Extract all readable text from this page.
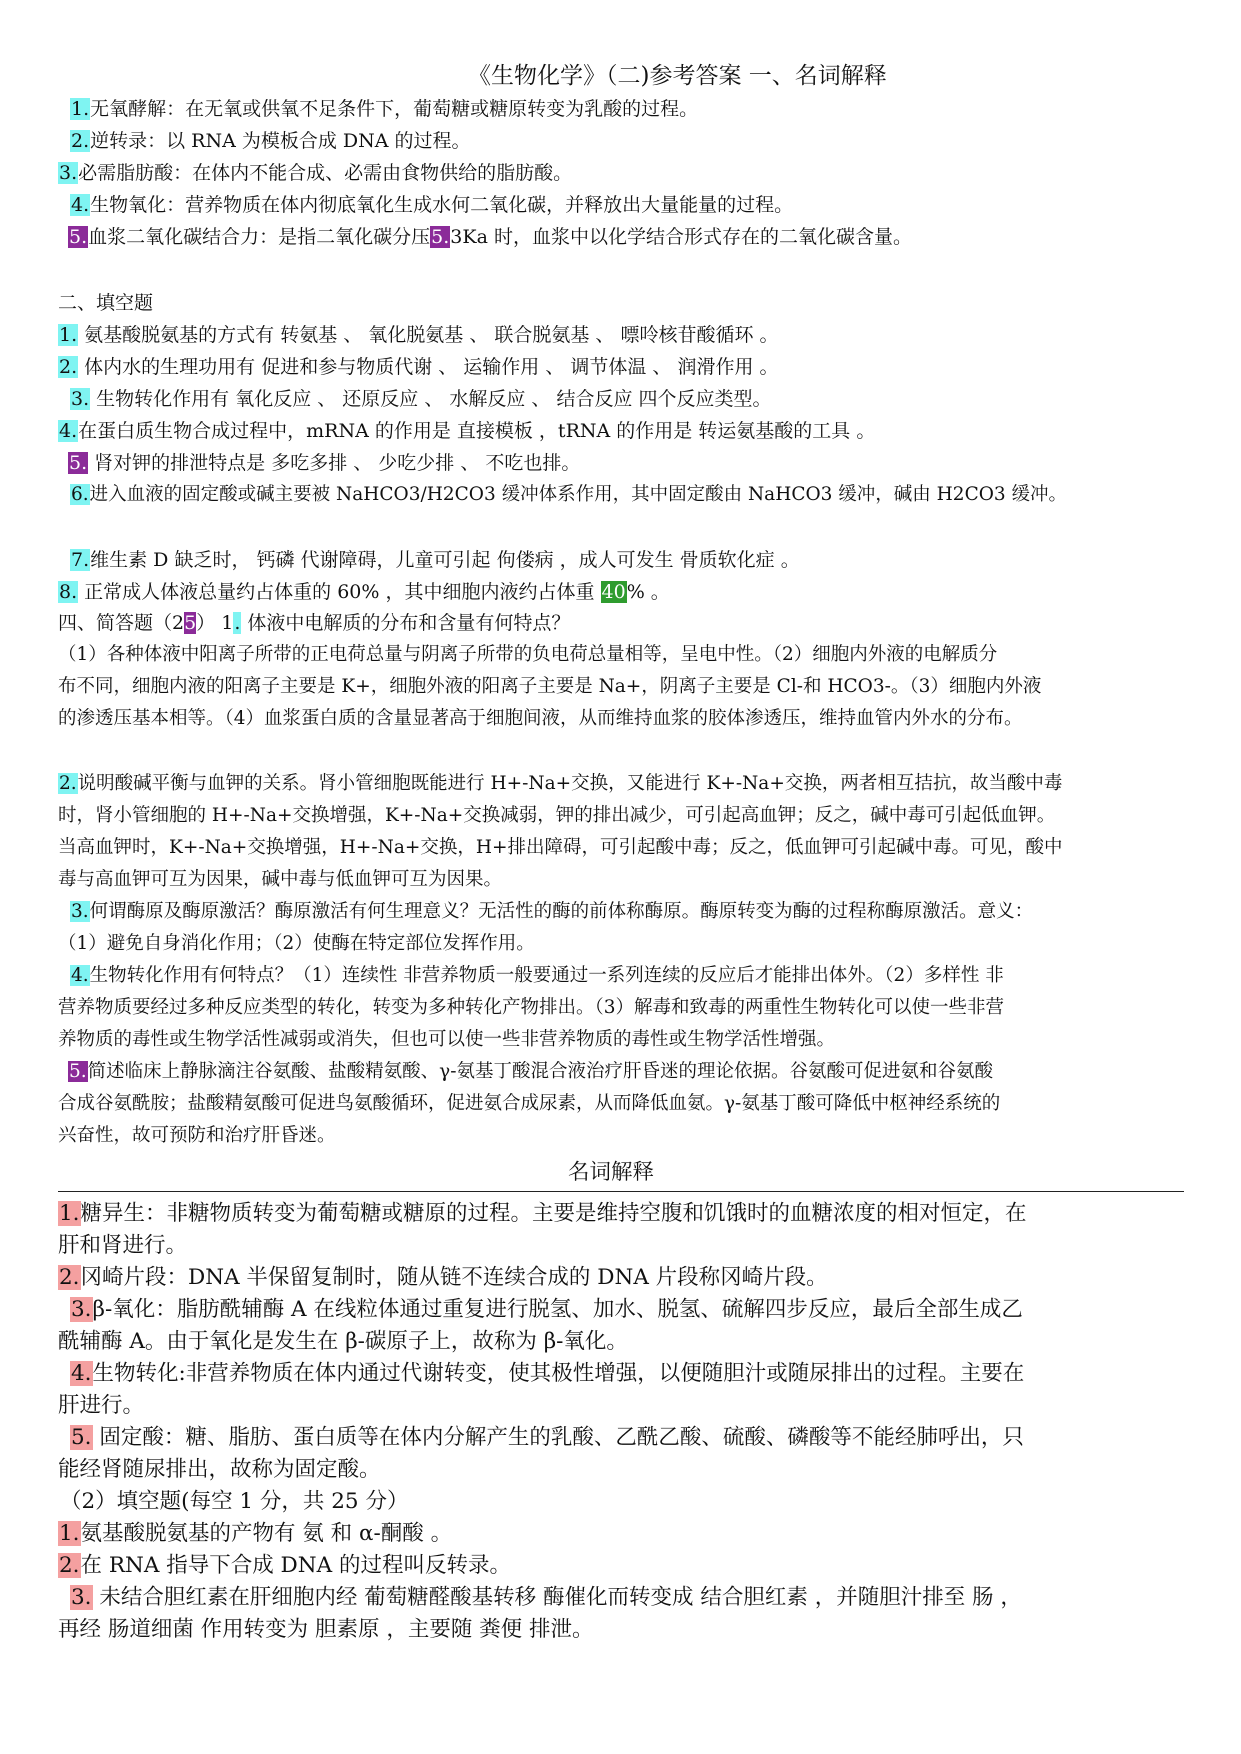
《生物化学》（二)参考答案 一、名词解释
1.无氧酵解：在无氧或供氧不足条件下，葡萄糖或糖原转变为乳酸的过程。
2.逆转录：以 RNA 为模板合成 DNA 的过程。
3.必需脂肪酸：在体内不能合成、必需由食物供给的脂肪酸。
4.生物氧化：营养物质在体内彻底氧化生成水何二氧化碳，并释放出大量能量的过程。
5.血浆二氧化碳结合力：是指二氧化碳分压5.3Ka 时，血浆中以化学结合形式存在的二氧化碳含量。
二、填空题
1. 氨基酸脱氨基的方式有 转氨基 、 氧化脱氨基 、 联合脱氨基 、 嘌呤核苷酸循环 。
2. 体内水的生理功用有 促进和参与物质代谢 、 运输作用 、 调节体温 、 润滑作用 。
3. 生物转化作用有 氧化反应 、 还原反应 、 水解反应 、 结合反应 四个反应类型。
4.在蛋白质生物合成过程中，mRNA 的作用是 直接模板 ，tRNA 的作用是 转运氨基酸的工具 。
5. 肾对钾的排泄特点是 多吃多排 、 少吃少排 、 不吃也排。
6.进入血液的固定酸或碱主要被 NaHCO3/H2CO3 缓冲体系作用，其中固定酸由 NaHCO3 缓冲，碱由 H2CO3 缓冲。
7.维生素 D 缺乏时， 钙磷 代谢障碍，儿童可引起 佝偻病 ，成人可发生 骨质软化症 。
8. 正常成人体液总量约占体重的 60% ，其中细胞内液约占体重 40% 。
四、简答题（25） 1. 体液中电解质的分布和含量有何特点？
（1）各种体液中阳离子所带的正电荷总量与阴离子所带的负电荷总量相等，呈电中性。（2）细胞内外液的电解质分
布不同，细胞内液的阳离子主要是 K+，细胞外液的阳离子主要是 Na+，阴离子主要是 Cl-和 HCO3-。（3）细胞内外液
的渗透压基本相等。（4）血浆蛋白质的含量显著高于细胞间液，从而维持血浆的胶体渗透压，维持血管内外水的分布。
2.说明酸碱平衡与血钾的关系。肾小管细胞既能进行 H+-Na+交换，又能进行 K+-Na+交换，两者相互拮抗，故当酸中毒
时，肾小管细胞的 H+-Na+交换增强，K+-Na+交换减弱，钾的排出减少，可引起高血钾；反之，碱中毒可引起低血钾。
当高血钾时，K+-Na+交换增强，H+-Na+交换，H+排出障碍，可引起酸中毒；反之，低血钾可引起碱中毒。可见，酸中
毒与高血钾可互为因果，碱中毒与低血钾可互为因果。
3.何谓酶原及酶原激活？酶原激活有何生理意义？无活性的酶的前体称酶原。酶原转变为酶的过程称酶原激活。意义：
（1）避免自身消化作用；（2）使酶在特定部位发挥作用。
4.生物转化作用有何特点？（1）连续性 非营养物质一般要通过一系列连续的反应后才能排出体外。（2）多样性 非
营养物质要经过多种反应类型的转化，转变为多种转化产物排出。（3）解毒和致毒的两重性生物转化可以使一些非营
养物质的毒性或生物学活性减弱或消失，但也可以使一些非营养物质的毒性或生物学活性增强。
5.简述临床上静脉滴注谷氨酸、盐酸精氨酸、γ-氨基丁酸混合液治疗肝昏迷的理论依据。谷氨酸可促进氨和谷氨酸
合成谷氨酰胺；盐酸精氨酸可促进鸟氨酸循环，促进氨合成尿素，从而降低血氨。γ-氨基丁酸可降低中枢神经系统的
兴奋性，故可预防和治疗肝昏迷。
名词解释
1.糖异生：非糖物质转变为葡萄糖或糖原的过程。主要是维持空腹和饥饿时的血糖浓度的相对恒定，在
肝和肾进行。
2.冈崎片段：DNA 半保留复制时，随从链不连续合成的 DNA 片段称冈崎片段。
3.β-氧化：脂肪酰辅酶 A 在线粒体通过重复进行脱氢、加水、脱氢、硫解四步反应，最后全部生成乙
酰辅酶 A。由于氧化是发生在 β-碳原子上，故称为 β-氧化。
4.生物转化:非营养物质在体内通过代谢转变，使其极性增强，以便随胆汁或随尿排出的过程。主要在
肝进行。
5. 固定酸：糖、脂肪、蛋白质等在体内分解产生的乳酸、乙酰乙酸、硫酸、磷酸等不能经肺呼出，只
能经肾随尿排出，故称为固定酸。
（2）填空题(每空 1 分，共 25 分）
1.氨基酸脱氨基的产物有 氨 和 α-酮酸 。
2.在 RNA 指导下合成 DNA 的过程叫反转录。
3. 未结合胆红素在肝细胞内经 葡萄糖醛酸基转移 酶催化而转变成 结合胆红素 ，并随胆汁排至 肠 ，
再经 肠道细菌 作用转变为 胆素原 ，主要随 粪便 排泄。
